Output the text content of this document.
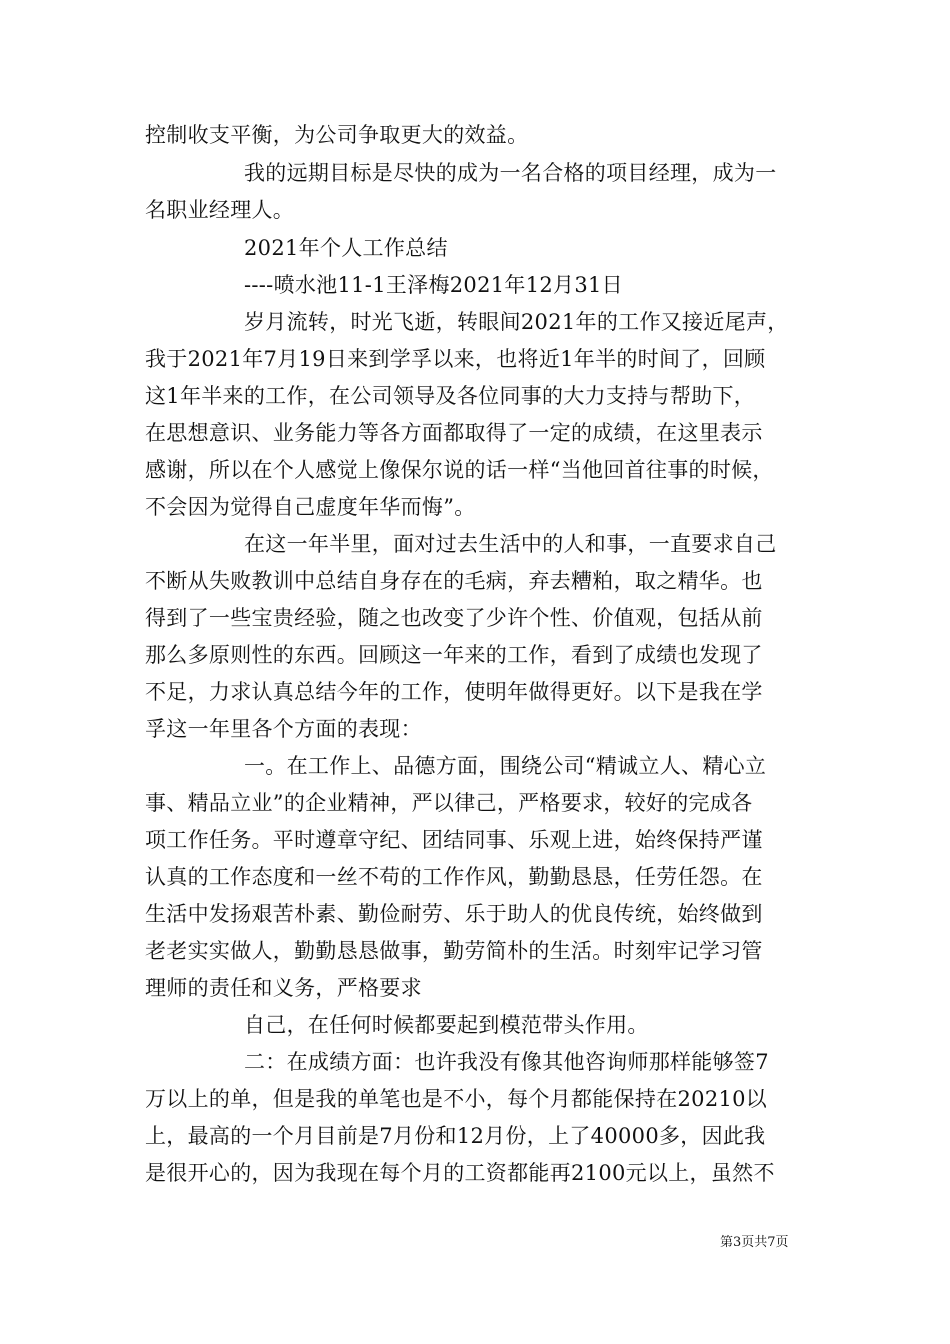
控制收支平衡，为公司争取更大的效益。
我的远期目标是尽快的成为一名合格的项目经理，成为一
名职业经理人。
2021年个人工作总结
----喷水池11-1王泽梅2021年12月31日
岁月流转，时光飞逝，转眼间2021年的工作又接近尾声，
我于2021年7月19日来到学孚以来，也将近1年半的时间了，回顾
这1年半来的工作，在公司领导及各位同事的大力支持与帮助下，
在思想意识、业务能力等各方面都取得了一定的成绩，在这里表示
感谢，所以在个人感觉上像保尔说的话一样“当他回首往事的时候，
不会因为觉得自己虚度年华而悔”。
在这一年半里，面对过去生活中的人和事，一直要求自己
不断从失败教训中总结自身存在的毛病，弃去糟粕，取之精华。也
得到了一些宝贵经验，随之也改变了少许个性、价值观，包括从前
那么多原则性的东西。回顾这一年来的工作，看到了成绩也发现了
不足，力求认真总结今年的工作，使明年做得更好。以下是我在学
孚这一年里各个方面的表现：
一。在工作上、品德方面，围绕公司“精诚立人、精心立
事、精品立业”的企业精神，严以律己，严格要求，较好的完成各
项工作任务。平时遵章守纪、团结同事、乐观上进，始终保持严谨
认真的工作态度和一丝不苟的工作作风，勤勤恳恳，任劳任怨。在
生活中发扬艰苦朴素、勤俭耐劳、乐于助人的优良传统，始终做到
老老实实做人，勤勤恳恳做事，勤劳简朴的生活。时刻牢记学习管
理师的责任和义务，严格要求
自己，在任何时候都要起到模范带头作用。
二：在成绩方面：也许我没有像其他咨询师那样能够签7
万以上的单，但是我的单笔也是不小，每个月都能保持在20210以
上，最高的一个月目前是7月份和12月份，上了40000多，因此我
是很开心的，因为我现在每个月的工资都能再2100元以上，虽然不
第3页共7页
